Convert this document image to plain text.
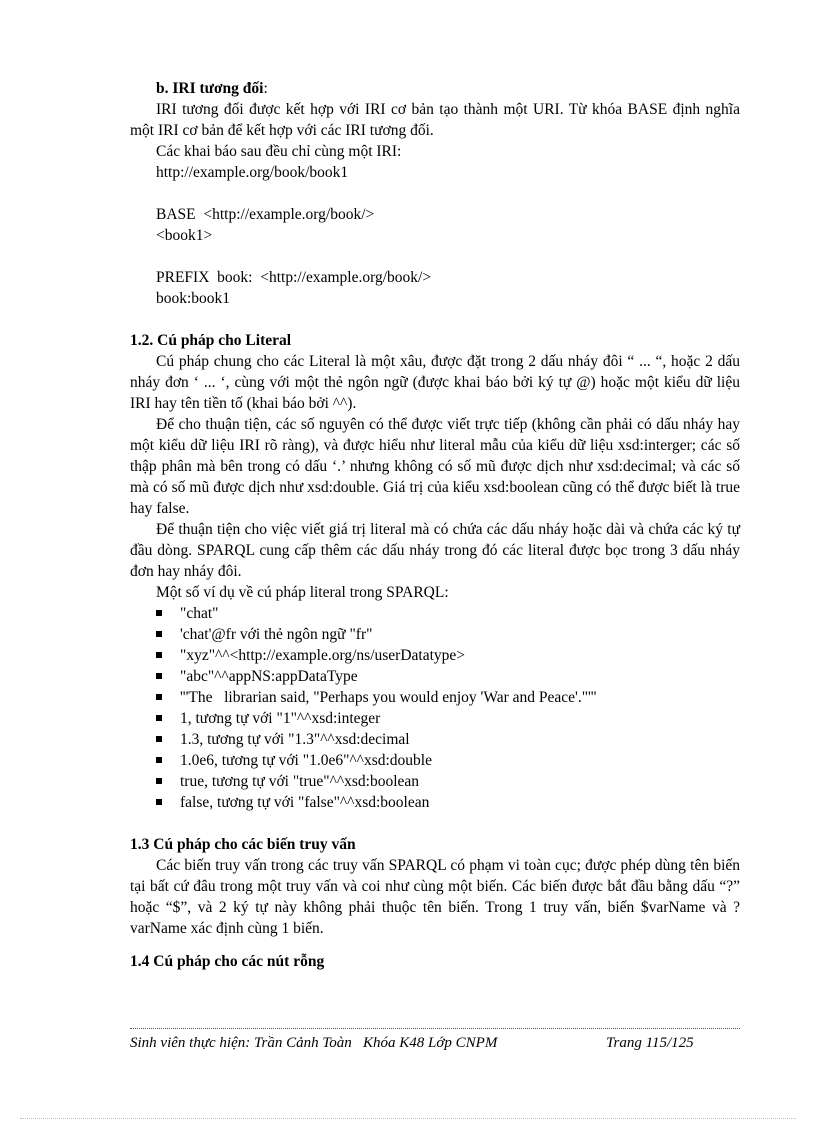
b. IRI tương đối:
IRI tương đối được kết hợp với IRI cơ bản tạo thành một URI. Từ khóa BASE định nghĩa một IRI cơ bản để kết hợp với các IRI tương đối.
Các khai báo sau đều chỉ cùng một IRI:
http://example.org/book/book1
BASE  <http://example.org/book/>
<book1>
PREFIX  book:  <http://example.org/book/>
book:book1
1.2. Cú pháp cho Literal
Cú pháp chung cho các Literal là một xâu, được đặt trong 2 dấu nháy đôi “ ... “, hoặc 2 dấu nháy đơn ‘ ... ‘, cùng với một thẻ ngôn ngữ (được khai báo bởi ký tự @) hoặc một kiểu dữ liệu IRI hay tên tiền tố (khai báo bởi ^^).
Để cho thuận tiện, các số nguyên có thể được viết trực tiếp (không cần phải có dấu nháy hay một kiểu dữ liệu IRI rõ ràng), và được hiểu như literal mẫu của kiểu dữ liệu xsd:interger; các số thập phân mà bên trong có dấu ‘.’ nhưng không có số mũ được dịch như xsd:decimal; và các số mà có số mũ được dịch như xsd:double. Giá trị của kiểu xsd:boolean cũng có thể được biết là true hay false.
Để thuận tiện cho việc viết giá trị literal mà có chứa các dấu nháy hoặc dài và chứa các ký tự đầu dòng. SPARQL cung cấp thêm các dấu nháy trong đó các literal được bọc trong 3 dấu nháy đơn hay nháy đôi.
Một số ví dụ về cú pháp literal trong SPARQL:
"chat"
'chat'@fr với thẻ ngôn ngữ "fr"
"xyz"^^<http://example.org/ns/userDatatype>
"abc"^^appNS:appDataType
'''The   librarian said, "Perhaps you would enjoy 'War and Peace'."'''
1, tương tự với "1"^^xsd:integer
1.3, tương tự với "1.3"^^xsd:decimal
1.0e6, tương tự với "1.0e6"^^xsd:double
true, tương tự với "true"^^xsd:boolean
false, tương tự với "false"^^xsd:boolean
1.3 Cú pháp cho các biến truy vấn
Các biến truy vấn trong các truy vấn SPARQL có phạm vi toàn cục; được phép dùng tên biến tại bất cứ đâu trong một truy vấn và coi như cùng một biến. Các biến được bắt đầu bằng dấu “?” hoặc “$”, và 2 ký tự này không phải thuộc tên biến. Trong 1 truy vấn, biến $varName và ?varName xác định cùng 1 biến.
1.4 Cú pháp cho các nút rỗng
Sinh viên thực hiện: Trần Cảnh Toàn   Khóa K48 Lớp CNPM	Trang 115/125
